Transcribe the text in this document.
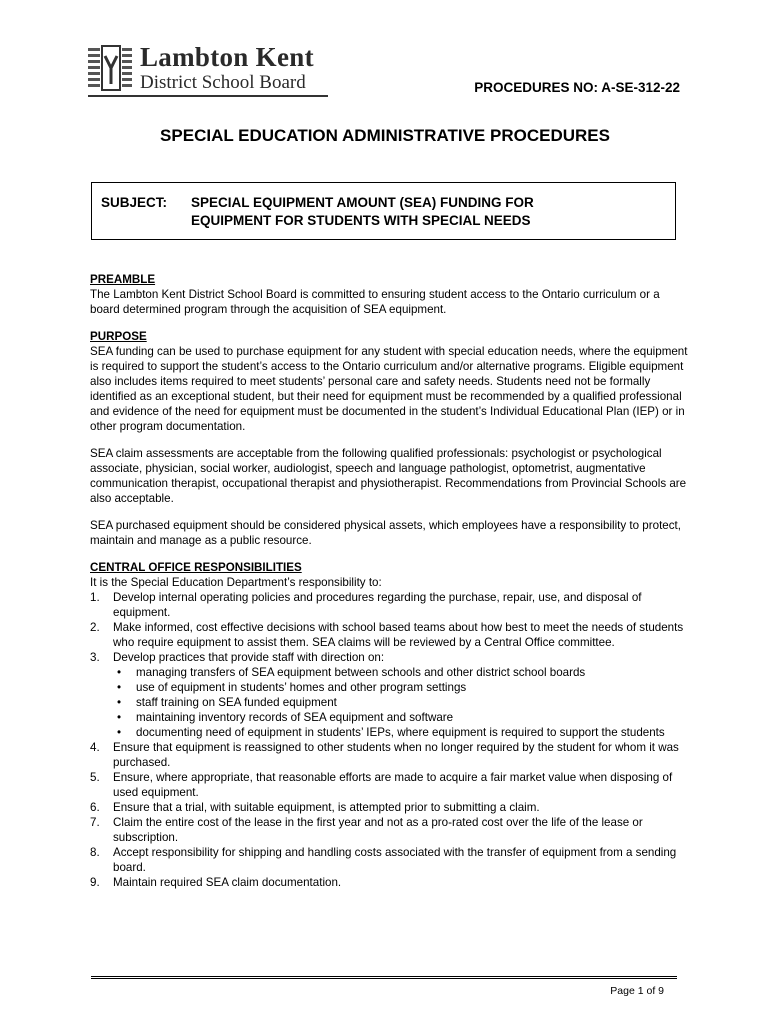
Lambton Kent
District School Board	PROCEDURES NO: A-SE-312-22
SPECIAL EDUCATION ADMINISTRATIVE PROCEDURES
SUBJECT: SPECIAL EQUIPMENT AMOUNT (SEA) FUNDING FOR
EQUIPMENT FOR STUDENTS WITH SPECIAL NEEDS

PREAMBLE

The Lambton Kent District School Board is committed to ensuring student access to the Ontario curriculum or a board determined program through the acquisition of SEA equipment.

PURPOSE

SEA funding can be used to purchase equipment for any student with special education needs, where the equipment is required to support the student’s access to the Ontario curriculum and/or alternative programs. Eligible equipment also includes items required to meet students’ personal care and safety needs. Students need not be formally identified as an exceptional student, but their need for equipment must be recommended by a qualified professional and evidence of the need for equipment must be documented in the student’s Individual Educational Plan (IEP) or in other program documentation.

SEA claim assessments are acceptable from the following qualified professionals: psychologist or psychological associate, physician, social worker, audiologist, speech and language pathologist, optometrist, augmentative communication therapist, occupational therapist and physiotherapist. Recommendations from Provincial Schools are also acceptable.

SEA purchased equipment should be considered physical assets, which employees have a responsibility to protect, maintain and manage as a public resource.

CENTRAL OFFICE RESPONSIBILITIES

It is the Special Education Department’s responsibility to:

1. Develop internal operating policies and procedures regarding the purchase, repair, use, and disposal of equipment.
2. Make informed, cost effective decisions with school based teams about how best to meet the needs of students who require equipment to assist them. SEA claims will be reviewed by a Central Office committee.
3. Develop practices that provide staff with direction on:
• managing transfers of SEA equipment between schools and other district school boards
• use of equipment in students’ homes and other program settings
• staff training on SEA funded equipment
• maintaining inventory records of SEA equipment and software
• documenting need of equipment in students’ IEPs, where equipment is required to support the students
4. Ensure that equipment is reassigned to other students when no longer required by the student for whom it was purchased.
5. Ensure, where appropriate, that reasonable efforts are made to acquire a fair market value when disposing of used equipment.
6. Ensure that a trial, with suitable equipment, is attempted prior to submitting a claim.
7. Claim the entire cost of the lease in the first year and not as a pro-rated cost over the life of the lease or subscription.
8. Accept responsibility for shipping and handling costs associated with the transfer of equipment from a sending board.
9. Maintain required SEA claim documentation.
Page 1 of 9
